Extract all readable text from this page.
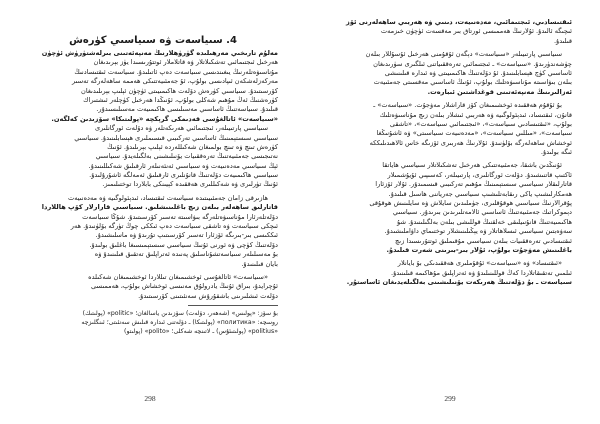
4. سىياسەت ۋە سىياسىي كۈرەش
مەلۇم تارىخىي مەرھىلىدە گۈرۈھلارنىڭ مەنپەئەتىنى بىرلەشتۈرۈش ئۈچۈن
ھەرخىل ئىجتىمائىي تەشكىلاتلار ۋە قاتلاملار ئوتتۇرىسىدا يۈز بېرىدىغان
مۇناسىۋەتلەرنىڭ يىغىندىسى سىياسەت دەپ ئاتىلىدۇ. سىياسەت ئىقتىسادنىڭ
مەركەزلەشكەن ئىپادىسى بولۇپ، ئۇ جەمئىيەتتىكى ھەممە ساھەلەرگە تەسىر
كۆرسىتىدۇ. سىياسىي كۈرەش دۆلەت ھاكىمىيىتى ئۈچۈن ئېلىپ بېرىلىدىغان
كۈرەشنىڭ ئەڭ مۇھىم شەكلى بولۇپ، ئۇنىڭدا ھەرخىل كۈچلەر ئىشتىراك
قىلىدۇ. سىياسەتنىڭ ئاساسىي مەسىلىسى ھاكىمىيەت مەسىلىسىدۇر.
«سىياسەت» ئاتالغۇسى قەدىمكى گرېكچە «پولىتىكا» سۆزىدىن كەلگەن.
سىياسىي پارتىيىلەر، ئىجتىمائىي ھەرىكەتلەر ۋە دۆلەت ئورگانلىرى
سىياسىي سىستېمىنىڭ ئاساسىي تەركىبىي قىسىملىرى ھېسابلىنىدۇ. سىياسىي
كۈرەش تىنچ ۋە تىنچ بولمىغان شەكىللەردە ئېلىپ بېرىلىدۇ. ئۇنىڭ
نەتىجىسى جەمئىيەتنىڭ تەرەققىيات يۆنىلىشىنى بەلگىلەيدۇ. سىياسىي
ئېڭ سىياسىي مەدەنىيەت ۋە سىياسىي ئەنئەنىلەر ئارقىلىق شەكىللىنىدۇ.
سىياسىي ھاكىمىيەت دۆلەتنىڭ قانۇنلىرى ئارقىلىق ئەمەلگە ئاشۇرۇلىدۇ.
ئۇنىڭ تۈرلىرى ۋە شەكىللىرى ھەققىدە كېيىنكى بابلاردا توختىلىمىز.
ھازىرقى زامان جەمئىيىتىدە سىياسەت ئىقتىساد، ئىدېئولوگىيە ۋە مەدەنىيەت
قاتارلىق ساھەلەر بىلەن زىچ باغلىنىشلىق. سىياسىي قارارلار كۆپ ھاللاردا
دۆلەتلەرئارا مۇناسىۋەتلەرگە بىۋاسىتە تەسىر كۆرسىتىدۇ. شۇڭا سىياسەت
ئىچكى سىياسەت ۋە تاشقى سىياسەت دەپ ئىككى چوڭ تۈرگە بۆلۈنىدۇ. ھەر
ئىككىسى بىر-بىرىگە ئۆزئارا تەسىر كۆرسىتىپ تۇرىدۇ ۋە ماسلىشىدۇ.
دۆلەتنىڭ كۈچى ۋە ئورنى ئۇنىڭ سىياسىي سىستېمىسىغا باغلىق بولىدۇ.
بۇ مەسىلىلەر سىياسەتشۇناسلىق پەنىدە ئەتراپلىق تەتقىق قىلىنىدۇ ۋە
بايان قىلىنىدۇ.
«سىياسەت» ئاتالغۇسى ئوخشىمىغان تىللاردا ئوخشىمىغان شەكىلدە
ئۇچرايدۇ، بىراق ئۇنىڭ يادرولۇق مەنىسى ئوخشاش بولۇپ، ھەممىسى
دۆلەت ئىشلىرىنى باشقۇرۇش سەنئىتىنى كۆرسىتىدۇ.
بۇ سۆز: «پولىس» (شەھەر، دۆلەت) سۆزىدىن ياسالغان؛ «politic» (پولىتىك)
روسچە: «политика» (پولىتىكا) ـ دۆلەتنى ئىدارە قىلىش سەنئىتى؛ ئىنگلىزچە
«politius» (پولىتىئۇس) ـ لاتىنچە شەكلى؛ «polito» (پولىتو)
298
ئىقتىسادىي، ئىجتىمائىي، مەدەنىيەت، دىنىي ۋە ھەربىي ساھەلەرنى ئۆز
ئىچىگە ئالىدۇ. ئۇلارنىڭ ھەممىسى ئورتاق بىر مەقسەت ئۈچۈن خىزمەت
قىلىدۇ.
سىياسىي پارتىيىلەر «سىياسەت» دېگەن ئۇقۇمنى ھەرخىل ئۇسۇللار بىلەن
چۈشەندۈرىدۇ. «سىياسەت» ـ ئىجتىمائىي تەرەققىياتنى ئىلگىرى سۈرىدىغان
ئاساسىي كۈچ ھېسابلىنىدۇ. ئۇ دۆلەتنىڭ ھاكىمىيىتى ۋە ئىدارە قىلىنىشى
بىلەن بىۋاسىتە مۇناسىۋەتلىك بولۇپ، ئۇنىڭ ئاساسىي مەقسىتى جەمئىيەت
ئەزالىرىنىڭ مەنپەئەتىنى قوغداشتىن ئىبارەت.
بۇ ئۇقۇم ھەققىدە ئوخشىمىغان كۆز قاراشلار مەۋجۇت. «سىياسەت» ـ
قانۇن، ئىقتىساد، ئىدېئولوگىيە ۋە ھەربىي ئىشلار بىلەن زىچ مۇناسىۋەتلىك
بولۇپ، «ئىقتىسادىي سىياسەت»، «ئىجتىمائىي سىياسەت»، «تاشقى
سىياسەت»، «مىللىي سىياسەت»، «مەدەنىيەت سىياسىتى» ۋە ئاشۇنىڭغا
ئوخشاش ساھەلەرگە بۆلۈنىدۇ. ئۇلارنىڭ ھەربىرى ئۆزىگە خاس ئالاھىدىلىككە
ئىگە بولىدۇ.
ئۇنىڭدىن باشقا، جەمئىيەتتىكى ھەرخىل تەشكىلاتلار سىياسىي ھاياتقا
ئاكتىپ قاتنىشىدۇ. دۆلەت ئورگانلىرى، پارتىيىلەر، كەسىپىي ئۇيۇشمىلار
قاتارلىقلار سىياسىي سىستېمىنىڭ مۇھىم تەركىبىي قىسمىدۇر. ئۇلار ئۆزئارا
ھەمكارلىشىپ ياكى رىقابەتلىشىپ سىياسىي جەرياننى ھاسىل قىلىدۇ.
پۇقرالارنىڭ سىياسىي ھوقۇقلىرى، جۈملىدىن سايلاش ۋە سايلىنىش ھوقۇقى
دېموكراتىك جەمئىيەتنىڭ ئاساسىي ئالامەتلىرىدىن بىرىدۇر. سىياسىي
ھاكىمىيەتنىڭ قانۇنىيلىقى خەلقنىڭ قوللىشى بىلەن بەلگىلىنىدۇ. شۇ
سەۋەبتىن سىياسىي ئىسلاھاتلار ۋە يېڭىلىنىشلار توختىماي داۋاملىشىدۇ.
ئىقتىسادىي تەرەققىيات بىلەن سىياسىي مۇقىملىق ئوتتۇرىسىدا زىچ
باغلىنىش مەۋجۇت بولۇپ، ئۇلار بىر-بىرىنى شەرت قىلىدۇ.
«ئىقتىساد» ۋە «سىياسەت» ئۇقۇملىرى ھەققىدىكى بۇ بايانلار
ئىلمىي تەتقىقاتلاردا كەڭ قوللىنىلىدۇ ۋە ئەتراپلىق مۇھاكىمە قىلىنىدۇ.
سىياسەت ـ بۇ دۆلەتنىڭ ھەرىكەت يۆنىلىشىنى بەلگىلەيدىغان ئاساستۇر.
299
